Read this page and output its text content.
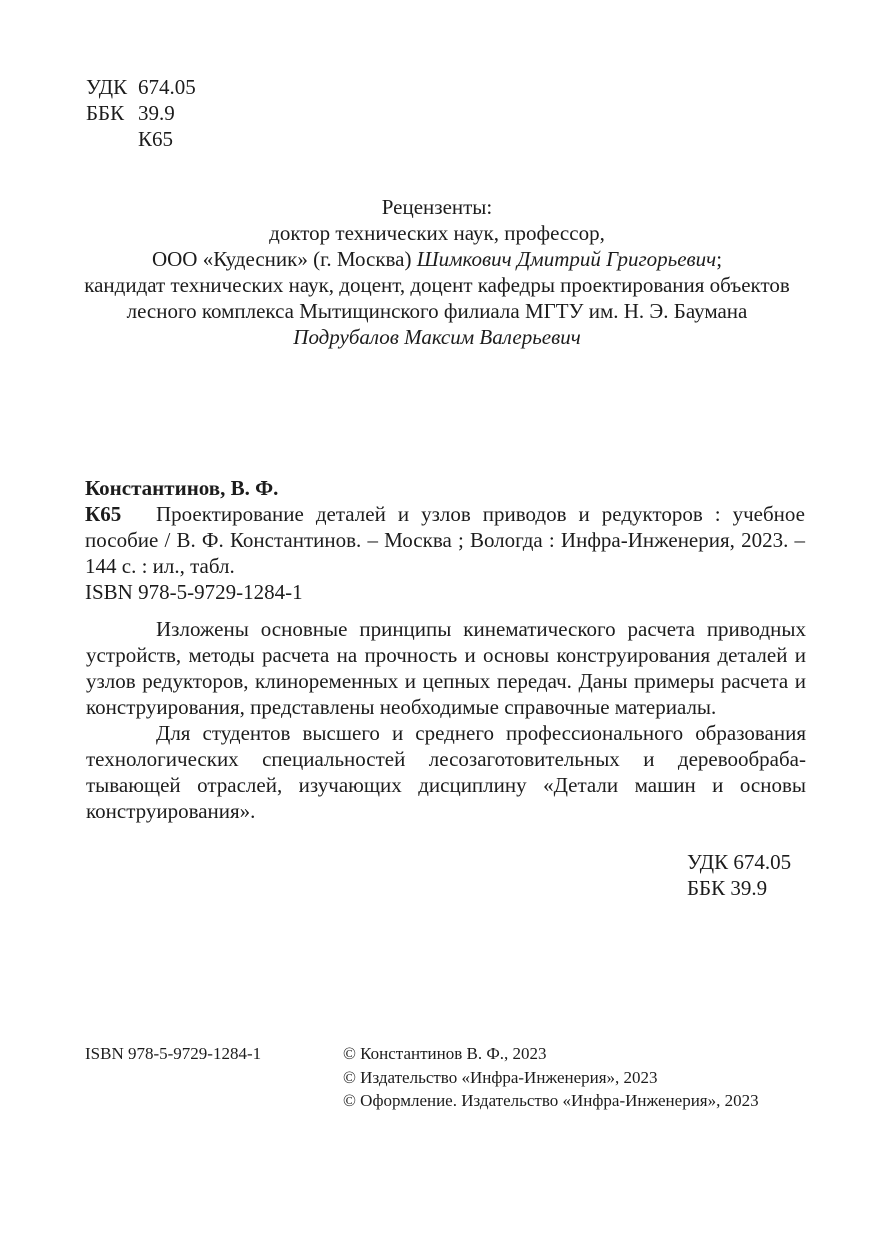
УДК 674.05
ББК 39.9
К65

Рецензенты:

доктор технических наук, профессор,

ООО «Кудесник» (г. Москва) Шимкович Дмитрий Григорьевич;

кандидат технических наук, доцент, доцент кафедры проектирования объектов

лесного комплекса Мытищинского филиала МГТУ им. Н. Э. Баумана

Подрубалов Максим Валерьевич

Константинов, В. Ф.

К65 Проектирование деталей и узлов приводов и редукторов : учебное пособие / В. Ф. Константинов. – Москва ; Вологда : Инфра-Инженерия, 2023. – 144 с. : ил., табл.

ISBN 978-5-9729-1284-1

Изложены основные принципы кинематического расчета приводных устройств, методы расчета на прочность и основы конструирования деталей и узлов редукторов, клиноременных и цепных передач. Даны примеры расчета и конструирования, представлены необходимые справочные материалы.

Для студентов высшего и среднего профессионального образования технологических специальностей лесозаготовительных и деревообрабатывающей отраслей, изучающих дисциплину «Детали машин и основы конструирования».

УДК 674.05
ББК 39.9
ISBN 978-5-9729-1284-1	© Константинов В. Ф., 2023
© Издательство «Инфра-Инженерия», 2023
© Оформление. Издательство «Инфра-Инженерия», 2023
